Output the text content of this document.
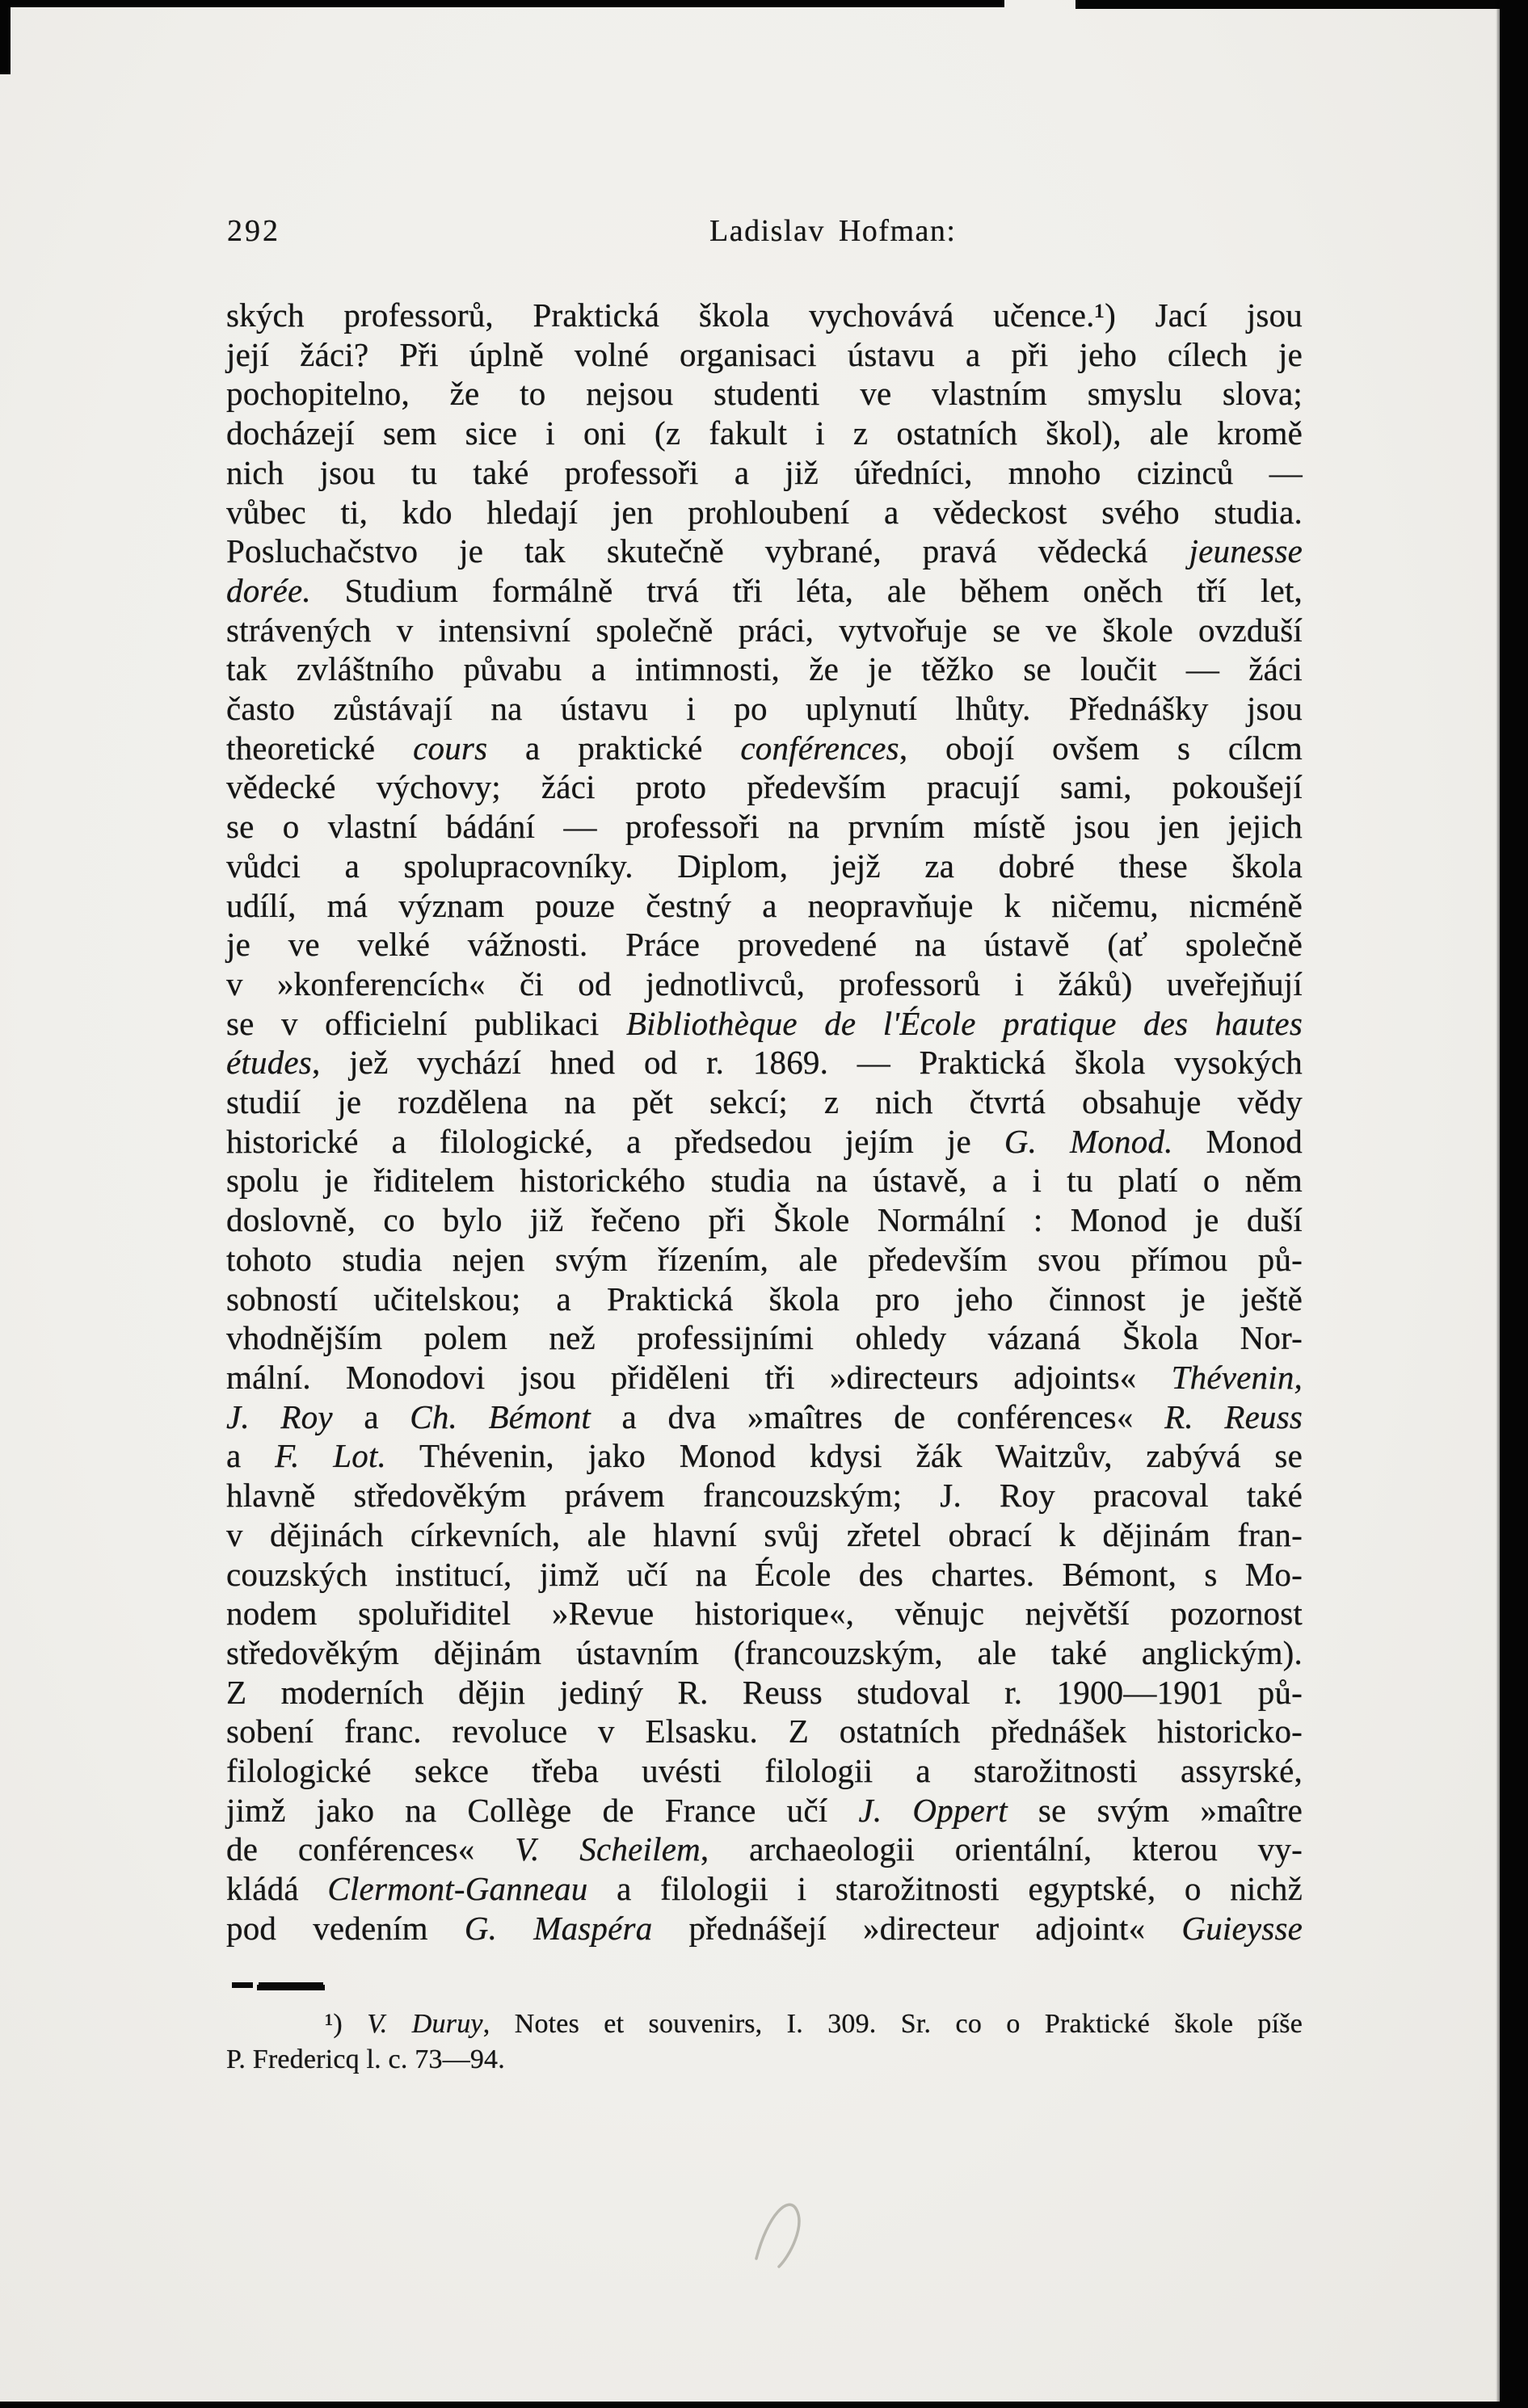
292	Ladislav Hofman:
ských professorů, Praktická škola vychovává učence.¹) Jací jsou
její žáci? Při úplně volné organisaci ústavu a při jeho cílech je
pochopitelno, že to nejsou studenti ve vlastním smyslu slova;
docházejí sem sice i oni (z fakult i z ostatních škol), ale kromě
nich jsou tu také professoři a již úředníci, mnoho cizinců —
vůbec ti, kdo hledají jen prohloubení a vědeckost svého studia.
Posluchačstvo je tak skutečně vybrané, pravá vědecká jeunesse
dorée. Studium formálně trvá tři léta, ale během oněch tří let,
strávených v intensivní společně práci, vytvořuje se ve škole ovzduší
tak zvláštního půvabu a intimnosti, že je těžko se loučit — žáci
často zůstávají na ústavu i po uplynutí lhůty. Přednášky jsou
theoretické cours a praktické conférences, obojí ovšem s cílcm
vědecké výchovy; žáci proto především pracují sami, pokoušejí
se o vlastní bádání — professoři na prvním místě jsou jen jejich
vůdci a spolupracovníky. Diplom, jejž za dobré these škola
udílí, má význam pouze čestný a neopravňuje k ničemu, nicméně
je ve velké vážnosti. Práce provedené na ústavě (ať společně
v »konferencích« či od jednotlivců, professorů i žáků) uveřejňují
se v officielní publikaci Bibliothèque de l'École pratique des hautes
études, jež vychází hned od r. 1869. — Praktická škola vysokých
studií je rozdělena na pět sekcí; z nich čtvrtá obsahuje vědy
historické a filologické, a předsedou jejím je G. Monod. Monod
spolu je řiditelem historického studia na ústavě, a i tu platí o něm
doslovně, co bylo již řečeno při Škole Normální : Monod je duší
tohoto studia nejen svým řízením, ale především svou přímou pů-
sobností učitelskou; a Praktická škola pro jeho činnost je ještě
vhodnějším polem než professijními ohledy vázaná Škola Nor-
mální. Monodovi jsou přiděleni tři »directeurs adjoints« Thévenin,
J. Roy a Ch. Bémont a dva »maîtres de conférences« R. Reuss
a F. Lot. Thévenin, jako Monod kdysi žák Waitzův, zabývá se
hlavně středověkým právem francouzským; J. Roy pracoval také
v dějinách církevních, ale hlavní svůj zřetel obrací k dějinám fran-
couzských institucí, jimž učí na École des chartes. Bémont, s Mo-
nodem spoluřiditel »Revue historique«, věnujc největší pozornost
středověkým dějinám ústavním (francouzským, ale také anglickým).
Z moderních dějin jediný R. Reuss studoval r. 1900—1901 pů-
sobení franc. revoluce v Elsasku. Z ostatních přednášek historicko-
filologické sekce třeba uvésti filologii a starožitnosti assyrské,
jimž jako na Collège de France učí J. Oppert se svým »maître
de conférences« V. Scheilem, archaeologii orientální, kterou vy-
kládá Clermont-Ganneau a filologii i starožitnosti egyptské, o nichž
pod vedením G. Maspéra přednášejí »directeur adjoint« Guieysse
¹) V. Duruy, Notes et souvenirs, I. 309. Sr. co o Praktické škole píše
P. Fredericq l. c. 73—94.
